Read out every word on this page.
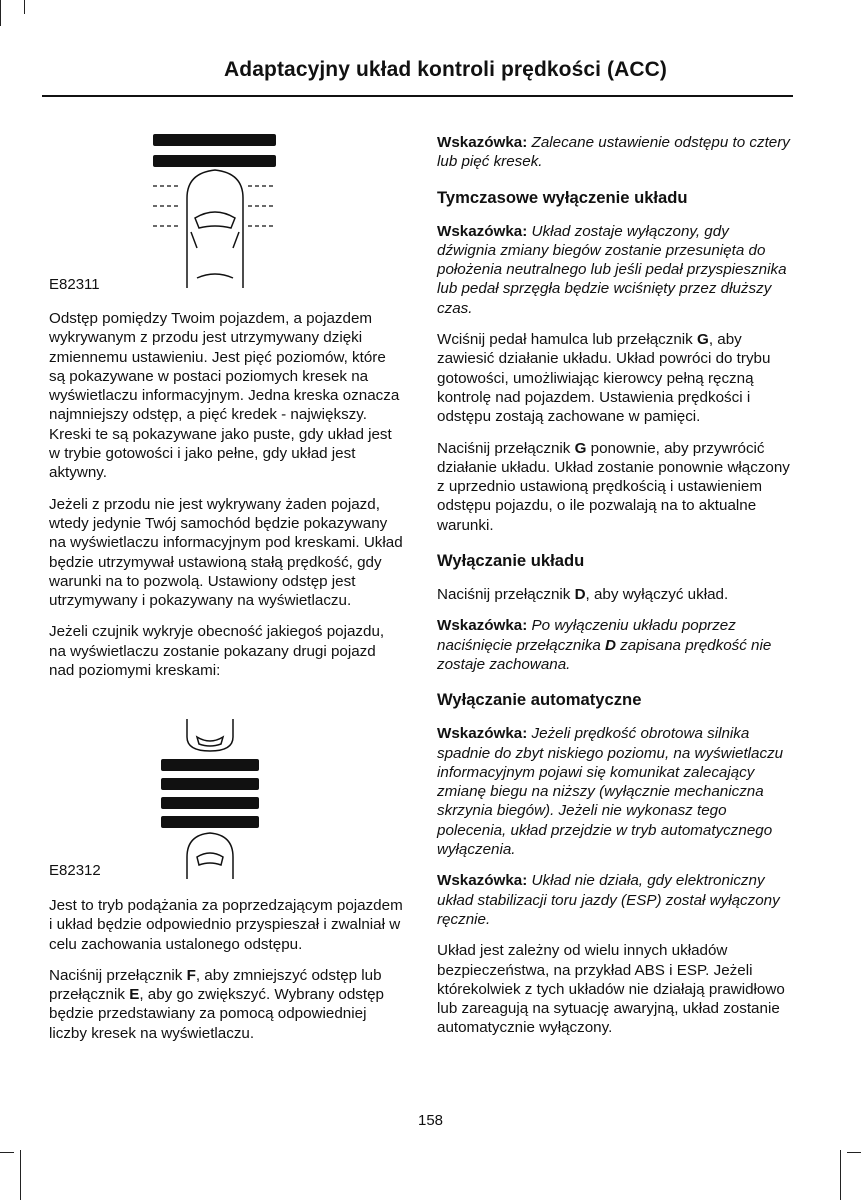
Adaptacyjny układ kontroli prędkości (ACC)
E82311

Odstęp pomiędzy Twoim pojazdem, a pojazdem wykrywanym z przodu jest utrzymywany dzięki zmiennemu ustawieniu. Jest pięć poziomów, które są pokazywane w postaci poziomych kresek na wyświetlaczu informacyjnym. Jedna kreska oznacza najmniejszy odstęp, a pięć kredek - największy. Kreski te są pokazywane jako puste, gdy układ jest w trybie gotowości i jako pełne, gdy układ jest aktywny.

Jeżeli z przodu nie jest wykrywany żaden pojazd, wtedy jedynie Twój samochód będzie pokazywany na wyświetlaczu informacyjnym pod kreskami. Układ będzie utrzymywał ustawioną stałą prędkość, gdy warunki na to pozwolą. Ustawiony odstęp jest utrzymywany i pokazywany na wyświetlaczu.

Jeżeli czujnik wykryje obecność jakiegoś pojazdu, na wyświetlaczu zostanie pokazany drugi pojazd nad poziomymi kreskami:

E82312

Jest to tryb podążania za poprzedzającym pojazdem i układ będzie odpowiednio przyspieszał i zwalniał w celu zachowania ustalonego odstępu.

Naciśnij przełącznik F, aby zmniejszyć odstęp lub przełącznik E, aby go zwiększyć. Wybrany odstęp będzie przedstawiany za pomocą odpowiedniej liczby kresek na wyświetlaczu.

Wskazówka: Zalecane ustawienie odstępu to cztery lub pięć kresek.

Tymczasowe wyłączenie układu

Wskazówka: Układ zostaje wyłączony, gdy dźwignia zmiany biegów zostanie przesunięta do położenia neutralnego lub jeśli pedał przyspiesznika lub pedał sprzęgła będzie wciśnięty przez dłuższy czas.

Wciśnij pedał hamulca lub przełącznik G, aby zawiesić działanie układu. Układ powróci do trybu gotowości, umożliwiając kierowcy pełną ręczną kontrolę nad pojazdem. Ustawienia prędkości i odstępu zostają zachowane w pamięci.

Naciśnij przełącznik G ponownie, aby przywrócić działanie układu. Układ zostanie ponownie włączony z uprzednio ustawioną prędkością i ustawieniem odstępu pojazdu, o ile pozwalają na to aktualne warunki.

Wyłączanie układu

Naciśnij przełącznik D, aby wyłączyć układ.

Wskazówka: Po wyłączeniu układu poprzez naciśnięcie przełącznika D zapisana prędkość nie zostaje zachowana.

Wyłączanie automatyczne

Wskazówka: Jeżeli prędkość obrotowa silnika spadnie do zbyt niskiego poziomu, na wyświetlaczu informacyjnym pojawi się komunikat zalecający zmianę biegu na niższy (wyłącznie mechaniczna skrzynia biegów). Jeżeli nie wykonasz tego polecenia, układ przejdzie w tryb automatycznego wyłączenia.

Wskazówka: Układ nie działa, gdy elektroniczny układ stabilizacji toru jazdy (ESP) został wyłączony ręcznie.

Układ jest zależny od wielu innych układów bezpieczeństwa, na przykład ABS i ESP. Jeżeli którekolwiek z tych układów nie działają prawidłowo lub zareagują na sytuację awaryjną, układ zostanie automatycznie wyłączony.

158
